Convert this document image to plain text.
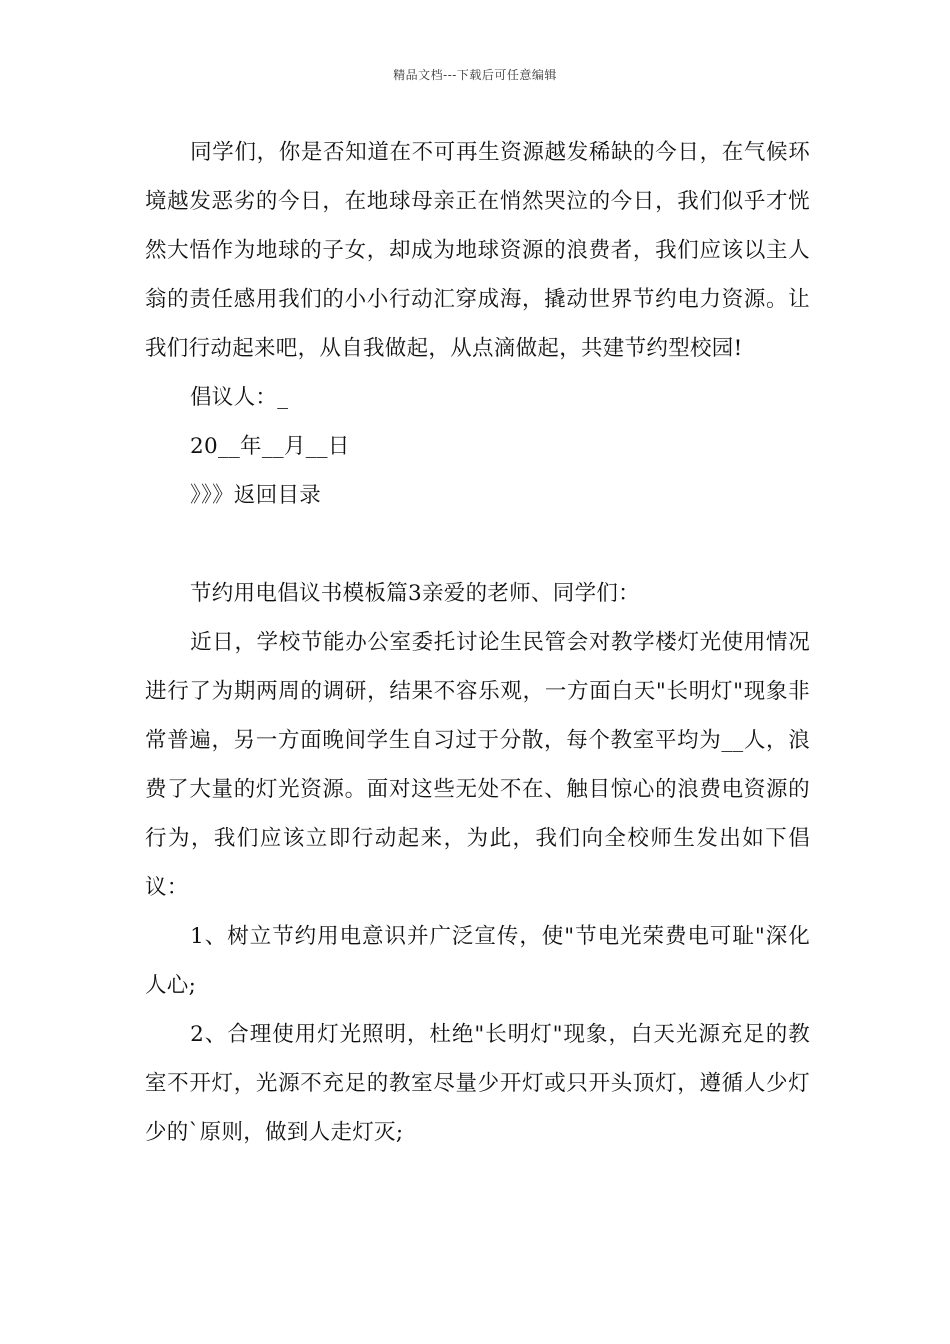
精品文档---下载后可任意编辑

同学们，你是否知道在不可再生资源越发稀缺的今日，在气候环境越发恶劣的今日，在地球母亲正在悄然哭泣的今日，我们似乎才恍然大悟作为地球的子女，却成为地球资源的浪费者，我们应该以主人翁的责任感用我们的小小行动汇穿成海，撬动世界节约电力资源。让我们行动起来吧，从自我做起，从点滴做起，共建节约型校园!

倡议人：_

20__年__月__日

》》》返回目录

节约用电倡议书模板篇3亲爱的老师、同学们：

近日，学校节能办公室委托讨论生民管会对教学楼灯光使用情况进行了为期两周的调研，结果不容乐观，一方面白天"长明灯"现象非常普遍，另一方面晚间学生自习过于分散，每个教室平均为__人，浪费了大量的灯光资源。面对这些无处不在、触目惊心的浪费电资源的行为，我们应该立即行动起来，为此，我们向全校师生发出如下倡议：

1、树立节约用电意识并广泛宣传，使"节电光荣费电可耻"深化人心;

2、合理使用灯光照明，杜绝"长明灯"现象，白天光源充足的教室不开灯，光源不充足的教室尽量少开灯或只开头顶灯，遵循人少灯少的`原则，做到人走灯灭;
